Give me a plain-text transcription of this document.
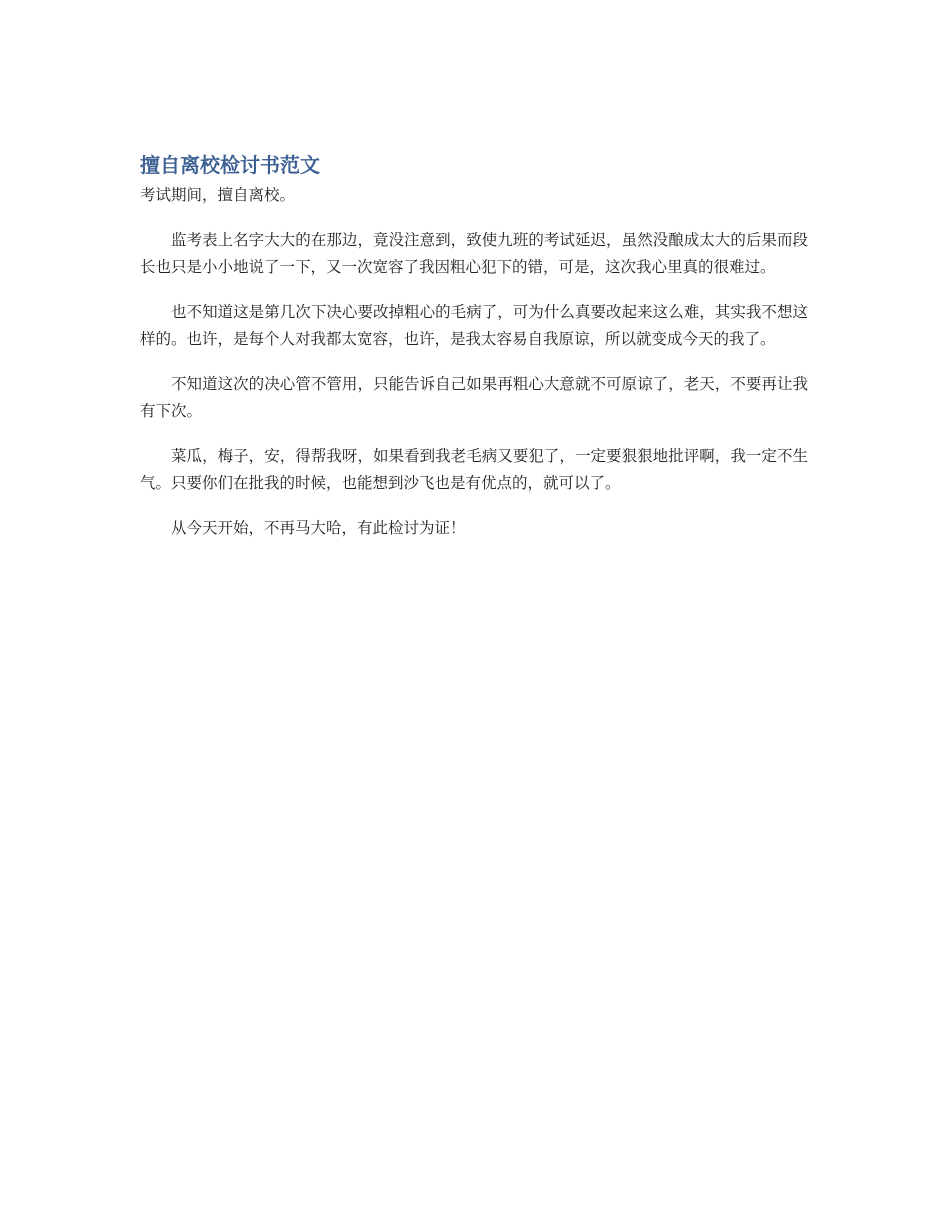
擅自离校检讨书范文

考试期间，擅自离校。

监考表上名字大大的在那边，竟没注意到，致使九班的考试延迟，虽然没酿成太大的后果而段长也只是小小地说了一下，又一次宽容了我因粗心犯下的错，可是，这次我心里真的很难过。

也不知道这是第几次下决心要改掉粗心的毛病了，可为什么真要改起来这么难，其实我不想这样的。也许，是每个人对我都太宽容，也许，是我太容易自我原谅，所以就变成今天的我了。

不知道这次的决心管不管用，只能告诉自己如果再粗心大意就不可原谅了，老天，不要再让我有下次。

菜瓜，梅子，安，得帮我呀，如果看到我老毛病又要犯了，一定要狠狠地批评啊，我一定不生气。只要你们在批我的时候，也能想到沙飞也是有优点的，就可以了。

从今天开始，不再马大哈，有此检讨为证！
